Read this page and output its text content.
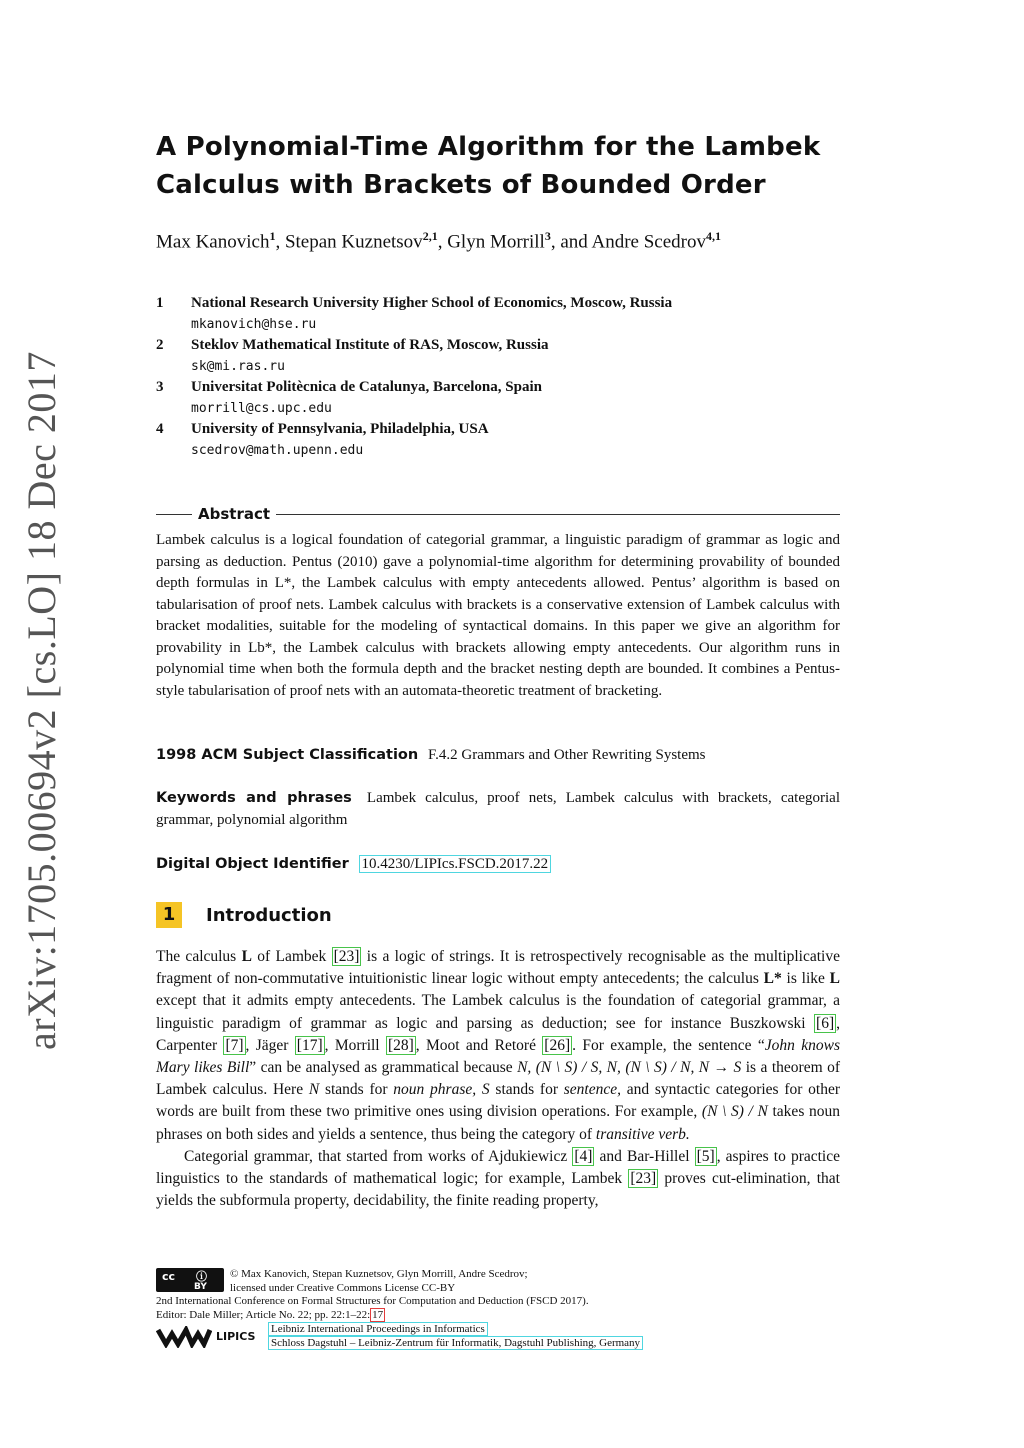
arXiv:1705.00694v2 [cs.LO] 18 Dec 2017
A Polynomial-Time Algorithm for the Lambek Calculus with Brackets of Bounded Order
Max Kanovich$^1$, Stepan Kuznetsov$^{2,1}$, Glyn Morrill$^3$, and Andre Scedrov$^{4,1}$
1	National Research University Higher School of Economics, Moscow, Russia
mkanovich@hse.ru
2	Steklov Mathematical Institute of RAS, Moscow, Russia
sk@mi.ras.ru
3	Universitat Politècnica de Catalunya, Barcelona, Spain
morrill@cs.upc.edu
4	University of Pennsylvania, Philadelphia, USA
scedrov@math.upenn.edu
Abstract
Lambek calculus is a logical foundation of categorial grammar, a linguistic paradigm of grammar as logic and parsing as deduction. Pentus (2010) gave a polynomial-time algorithm for determining provability of bounded depth formulas in L*, the Lambek calculus with empty antecedents allowed. Pentus’ algorithm is based on tabularisation of proof nets. Lambek calculus with brackets is a conservative extension of Lambek calculus with bracket modalities, suitable for the modeling of syntactical domains. In this paper we give an algorithm for provability in Lb*, the Lambek calculus with brackets allowing empty antecedents. Our algorithm runs in polynomial time when both the formula depth and the bracket nesting depth are bounded. It combines a Pentus-style tabularisation of proof nets with an automata-theoretic treatment of bracketing.
1998 ACM Subject Classification F.4.2 Grammars and Other Rewriting Systems
Keywords and phrases Lambek calculus, proof nets, Lambek calculus with brackets, categorial grammar, polynomial algorithm
Digital Object Identifier 10.4230/LIPIcs.FSCD.2017.22
1	Introduction

The calculus L of Lambek [23] is a logic of strings. It is retrospectively recognisable as the multiplicative fragment of non-commutative intuitionistic linear logic without empty antecedents; the calculus L* is like L except that it admits empty antecedents. The Lambek calculus is the foundation of categorial grammar, a linguistic paradigm of grammar as logic and parsing as deduction; see for instance Buszkowski [6] , Carpenter [7] , Jäger [17] , Morrill [28] , Moot and Retoré [26] . For example, the sentence “John knows Mary likes Bill” can be analysed as grammatical because N, (N \ S) / S, N, (N \ S) / N, N → S is a theorem of Lambek calculus. Here N stands for noun phrase, S stands for sentence, and syntactic categories for other words are built from these two primitive ones using division operations. For example, (N \ S) / N takes noun phrases on both sides and yields a sentence, thus being the category of transitive verb.

Categorial grammar, that started from works of Ajdukiewicz [4] and Bar-Hillel [5] , aspires to practice linguistics to the standards of mathematical logic; for example, Lambek [23] proves cut-elimination, that yields the subformula property, decidability, the finite reading property,

cc ⓘ
BY
© Max Kanovich, Stepan Kuznetsov, Glyn Morrill, Andre Scedrov;
licensed under Creative Commons License CC-BY
2nd International Conference on Formal Structures for Computation and Deduction (FSCD 2017).
Editor: Dale Miller; Article No. 22; pp. 22:1–22: 17
LIPICS
Leibniz International Proceedings in Informatics
Schloss Dagstuhl – Leibniz-Zentrum für Informatik, Dagstuhl Publishing, Germany
